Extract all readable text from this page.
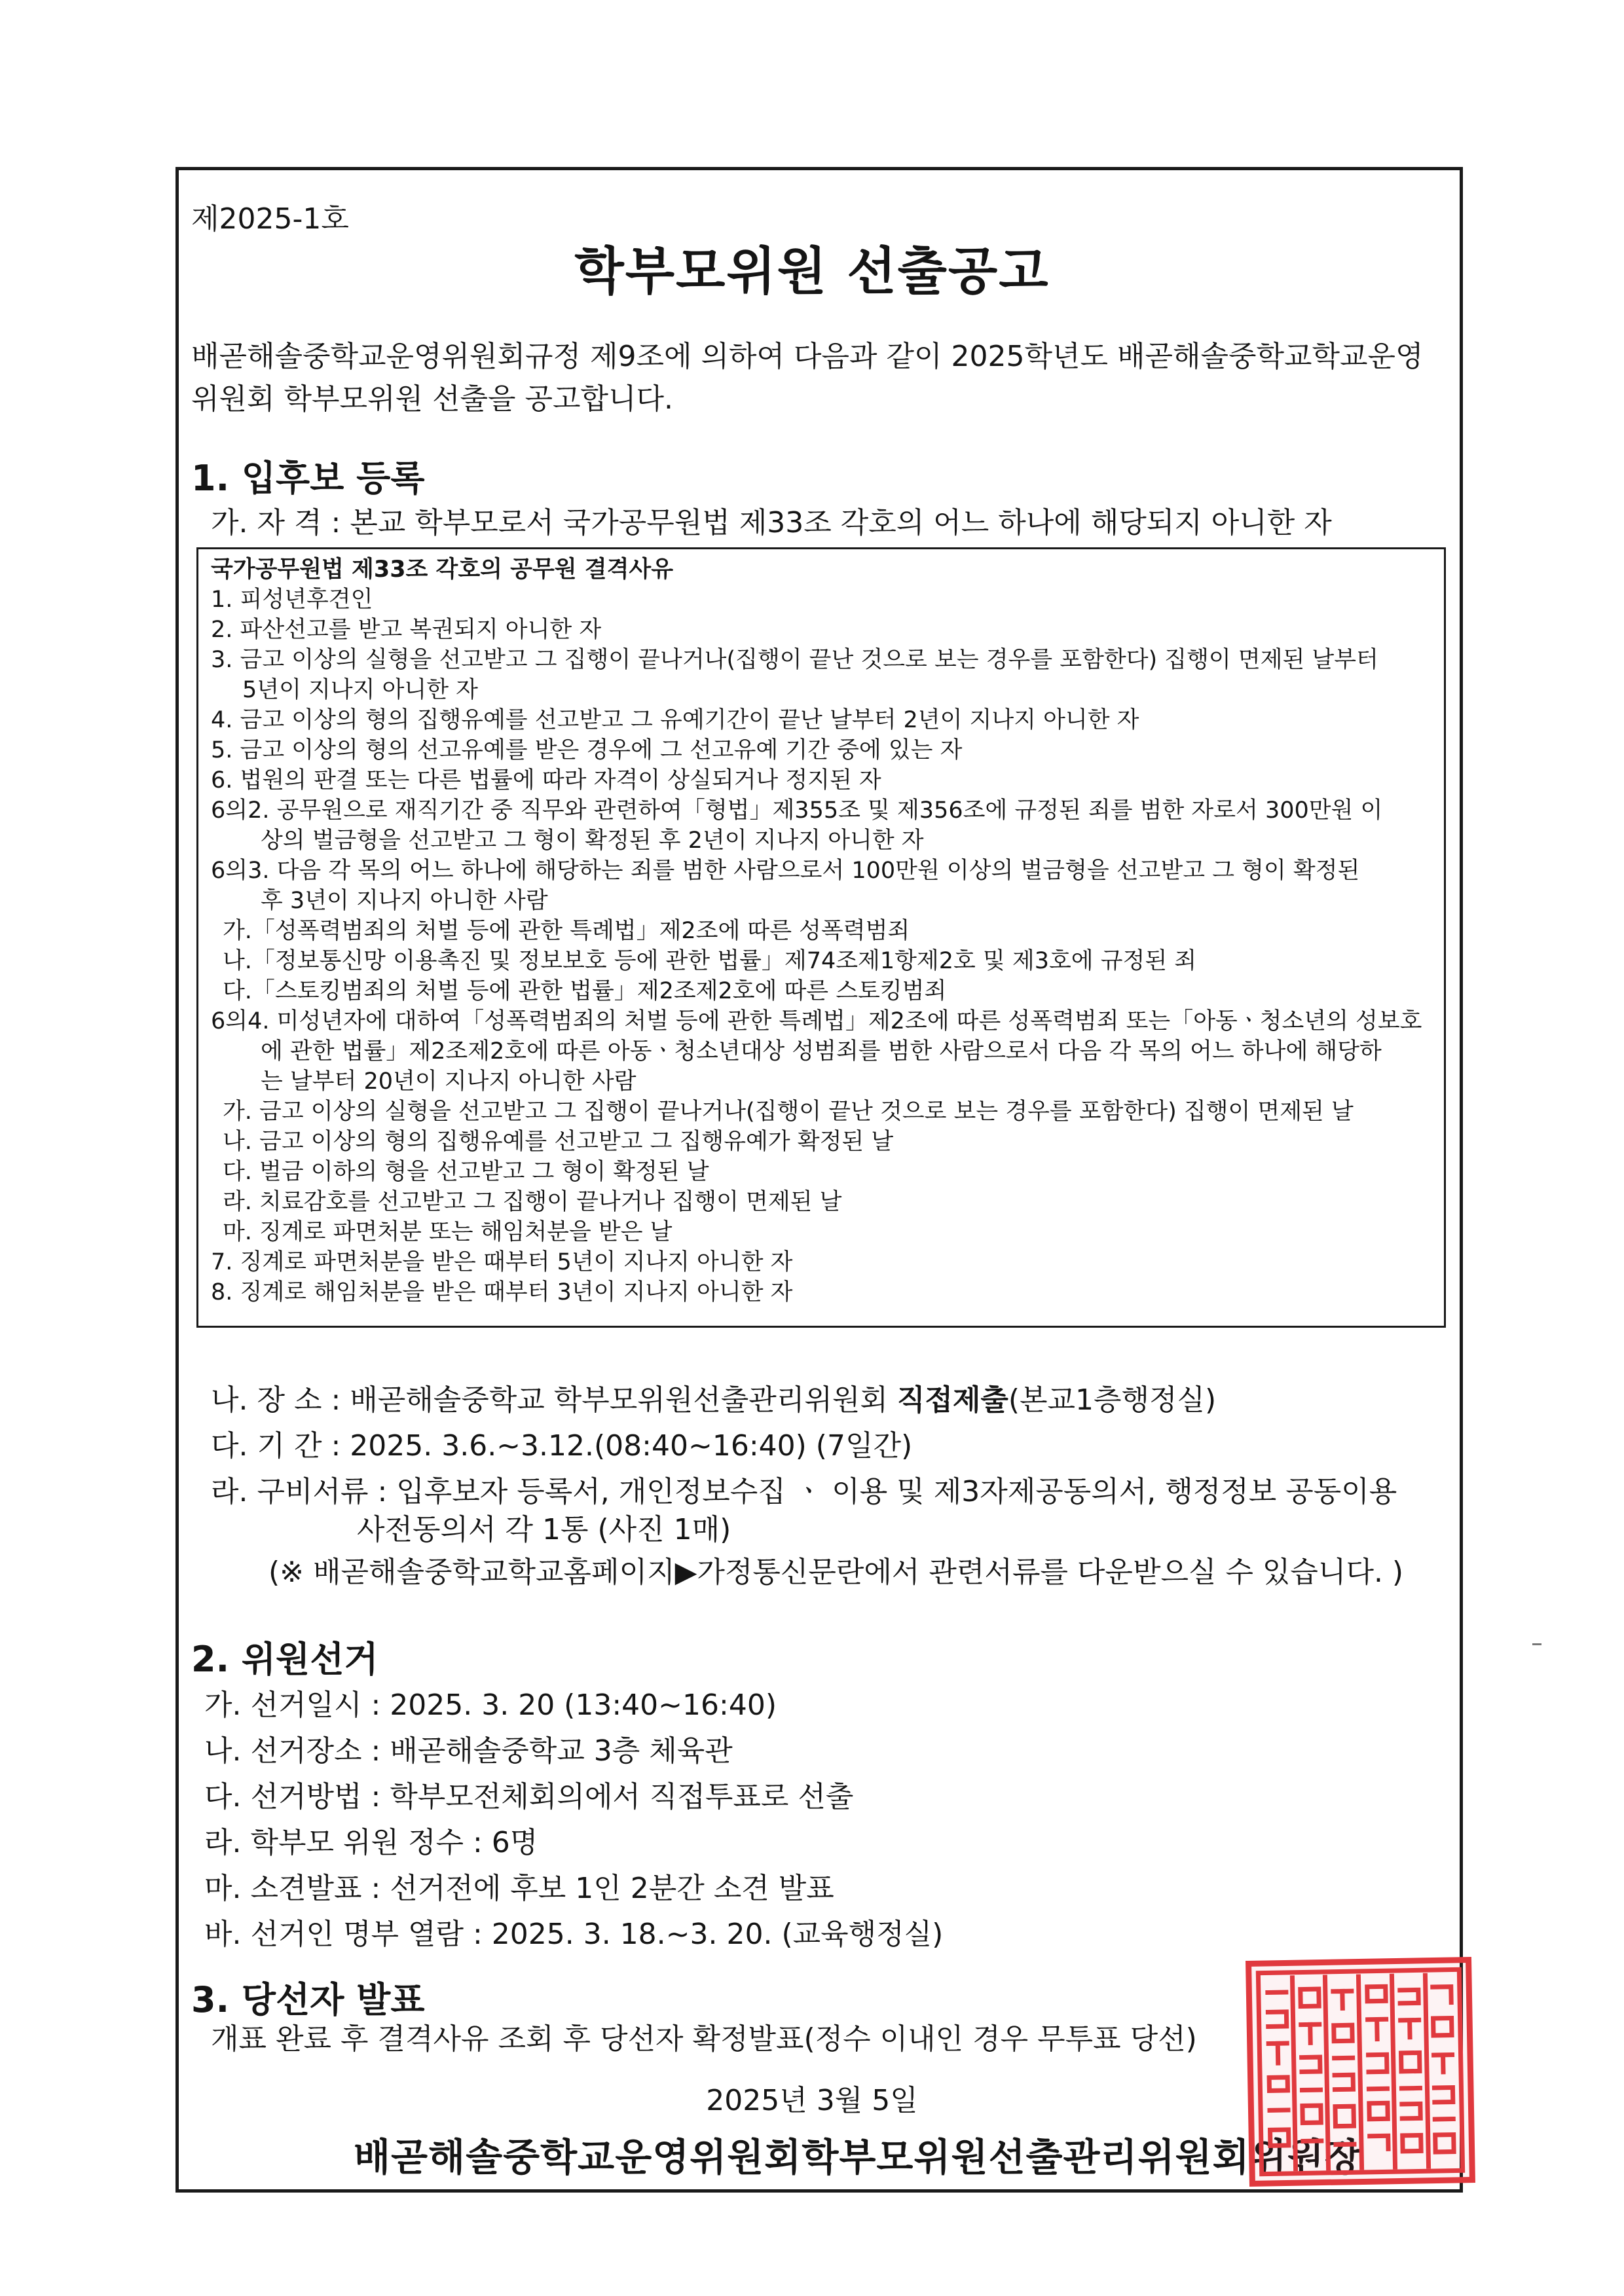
제2025-1호
학부모위원 선출공고
배곧해솔중학교운영위원회규정 제9조에 의하여 다음과 같이 2025학년도 배곧해솔중학교학교운영
위원회 학부모위원 선출을 공고합니다.
1. 입후보 등록
가. 자 격 : 본교 학부모로서 국가공무원법 제33조 각호의 어느 하나에 해당되지 아니한 자
국가공무원법 제33조 각호의 공무원 결격사유
1. 피성년후견인
2. 파산선고를 받고 복권되지 아니한 자
3. 금고 이상의 실형을 선고받고 그 집행이 끝나거나(집행이 끝난 것으로 보는 경우를 포함한다) 집행이 면제된 날부터
5년이 지나지 아니한 자
4. 금고 이상의 형의 집행유예를 선고받고 그 유예기간이 끝난 날부터 2년이 지나지 아니한 자
5. 금고 이상의 형의 선고유예를 받은 경우에 그 선고유예 기간 중에 있는 자
6. 법원의 판결 또는 다른 법률에 따라 자격이 상실되거나 정지된 자
6의2. 공무원으로 재직기간 중 직무와 관련하여「형법」제355조 및 제356조에 규정된 죄를 범한 자로서 300만원 이
상의 벌금형을 선고받고 그 형이 확정된 후 2년이 지나지 아니한 자
6의3. 다음 각 목의 어느 하나에 해당하는 죄를 범한 사람으로서 100만원 이상의 벌금형을 선고받고 그 형이 확정된
후 3년이 지나지 아니한 사람
가.「성폭력범죄의 처벌 등에 관한 특례법」제2조에 따른 성폭력범죄
나.「정보통신망 이용촉진 및 정보보호 등에 관한 법률」제74조제1항제2호 및 제3호에 규정된 죄
다.「스토킹범죄의 처벌 등에 관한 법률」제2조제2호에 따른 스토킹범죄
6의4. 미성년자에 대하여「성폭력범죄의 처벌 등에 관한 특례법」제2조에 따른 성폭력범죄 또는「아동ㆍ청소년의 성보호
에 관한 법률」제2조제2호에 따른 아동ㆍ청소년대상 성범죄를 범한 사람으로서 다음 각 목의 어느 하나에 해당하
는 날부터 20년이 지나지 아니한 사람
가. 금고 이상의 실형을 선고받고 그 집행이 끝나거나(집행이 끝난 것으로 보는 경우를 포함한다) 집행이 면제된 날
나. 금고 이상의 형의 집행유예를 선고받고 그 집행유예가 확정된 날
다. 벌금 이하의 형을 선고받고 그 형이 확정된 날
라. 치료감호를 선고받고 그 집행이 끝나거나 집행이 면제된 날
마. 징계로 파면처분 또는 해임처분을 받은 날
7. 징계로 파면처분을 받은 때부터 5년이 지나지 아니한 자
8. 징계로 해임처분을 받은 때부터 3년이 지나지 아니한 자
나. 장 소 : 배곧해솔중학교 학부모위원선출관리위원회 직접제출(본교1층행정실)
다. 기 간 : 2025. 3.6.~3.12.(08:40~16:40) (7일간)
라. 구비서류 : 입후보자 등록서, 개인정보수집 ㆍ 이용 및 제3자제공동의서, 행정정보 공동이용
사전동의서 각 1통 (사진 1매)
(※ 배곧해솔중학교학교홈페이지▶가정통신문란에서 관련서류를 다운받으실 수 있습니다. )
2. 위원선거
가. 선거일시 : 2025. 3. 20 (13:40~16:40)
나. 선거장소 : 배곧해솔중학교 3층 체육관
다. 선거방법 : 학부모전체회의에서 직접투표로 선출
라. 학부모 위원 정수 : 6명
마. 소견발표 : 선거전에 후보 1인 2분간 소견 발표
바. 선거인 명부 열람 : 2025. 3. 18.~3. 20. (교육행정실)
3. 당선자 발표
개표 완료 후 결격사유 조회 후 당선자 확정발표(정수 이내인 경우 무투표 당선)
2025년 3월 5일
배곧해솔중학교운영위원회학부모위원선출관리위원회위원장
